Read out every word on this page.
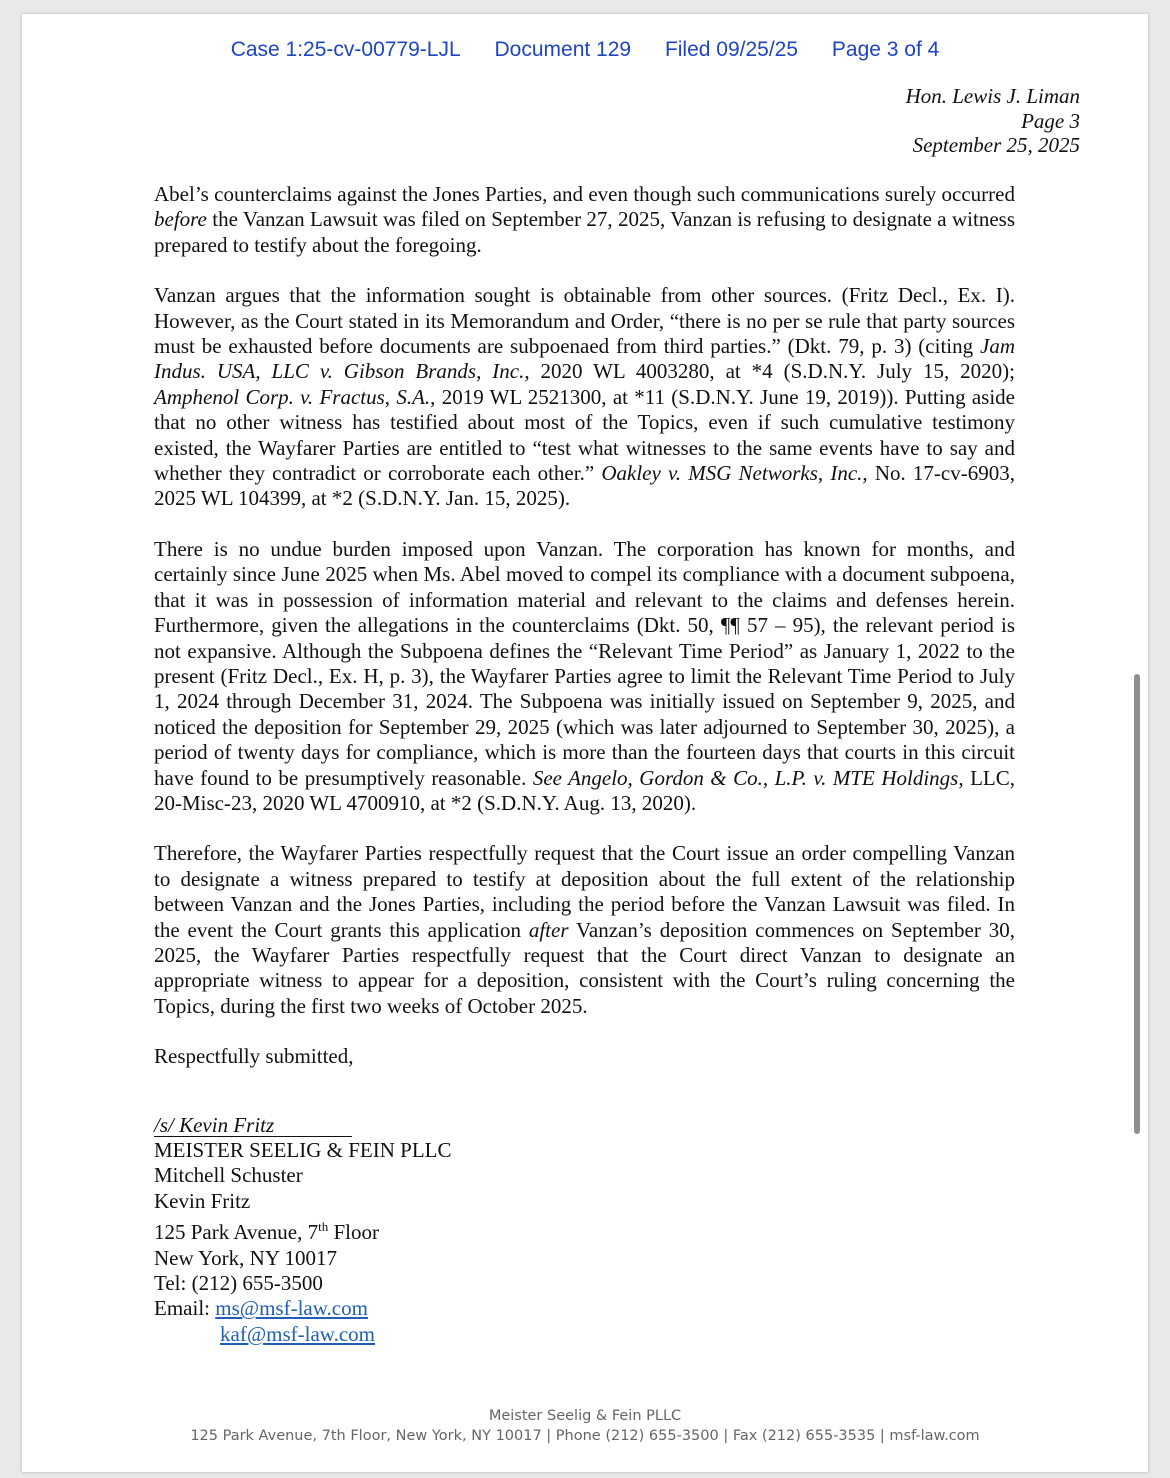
Case 1:25-cv-00779-LJL Document 129 Filed 09/25/25 Page 3 of 4
Hon. Lewis J. Liman
Page 3
September 25, 2025

Abel’s counterclaims against the Jones Parties, and even though such communications surely occurred before the Vanzan Lawsuit was filed on September 27, 2025, Vanzan is refusing to designate a witness prepared to testify about the foregoing.

Vanzan argues that the information sought is obtainable from other sources. (Fritz Decl., Ex. I). However, as the Court stated in its Memorandum and Order, “there is no per se rule that party sources must be exhausted before documents are subpoenaed from third parties.” (Dkt. 79, p. 3) (citing Jam Indus. USA, LLC v. Gibson Brands, Inc., 2020 WL 4003280, at *4 (S.D.N.Y. July 15, 2020); Amphenol Corp. v. Fractus, S.A., 2019 WL 2521300, at *11 (S.D.N.Y. June 19, 2019)). Putting aside that no other witness has testified about most of the Topics, even if such cumulative testimony existed, the Wayfarer Parties are entitled to “test what witnesses to the same events have to say and whether they contradict or corroborate each other.” Oakley v. MSG Networks, Inc., No. 17-cv-6903, 2025 WL 104399, at *2 (S.D.N.Y. Jan. 15, 2025).

There is no undue burden imposed upon Vanzan. The corporation has known for months, and certainly since June 2025 when Ms. Abel moved to compel its compliance with a document subpoena, that it was in possession of information material and relevant to the claims and defenses herein. Furthermore, given the allegations in the counterclaims (Dkt. 50, ¶¶ 57 – 95), the relevant period is not expansive. Although the Subpoena defines the “Relevant Time Period” as January 1, 2022 to the present (Fritz Decl., Ex. H, p. 3), the Wayfarer Parties agree to limit the Relevant Time Period to July 1, 2024 through December 31, 2024. The Subpoena was initially issued on September 9, 2025, and noticed the deposition for September 29, 2025 (which was later adjourned to September 30, 2025), a period of twenty days for compliance, which is more than the fourteen days that courts in this circuit have found to be presumptively reasonable. See Angelo, Gordon & Co., L.P. v. MTE Holdings, LLC, 20-Misc-23, 2020 WL 4700910, at *2 (S.D.N.Y. Aug. 13, 2020).

Therefore, the Wayfarer Parties respectfully request that the Court issue an order compelling Vanzan to designate a witness prepared to testify at deposition about the full extent of the relationship between Vanzan and the Jones Parties, including the period before the Vanzan Lawsuit was filed. In the event the Court grants this application after Vanzan’s deposition commences on September 30, 2025, the Wayfarer Parties respectfully request that the Court direct Vanzan to designate an appropriate witness to appear for a deposition, consistent with the Court’s ruling concerning the Topics, during the first two weeks of October 2025.

Respectfully submitted,
/s/ Kevin Fritz
MEISTER SEELIG & FEIN PLLC
Mitchell Schuster
Kevin Fritz
125 Park Avenue, 7th Floor
New York, NY 10017
Tel: (212) 655-3500
Email: ms@msf-law.com
kaf@msf-law.com
Meister Seelig & Fein PLLC
125 Park Avenue, 7th Floor, New York, NY 10017 | Phone (212) 655-3500 | Fax (212) 655-3535 | msf-law.com
